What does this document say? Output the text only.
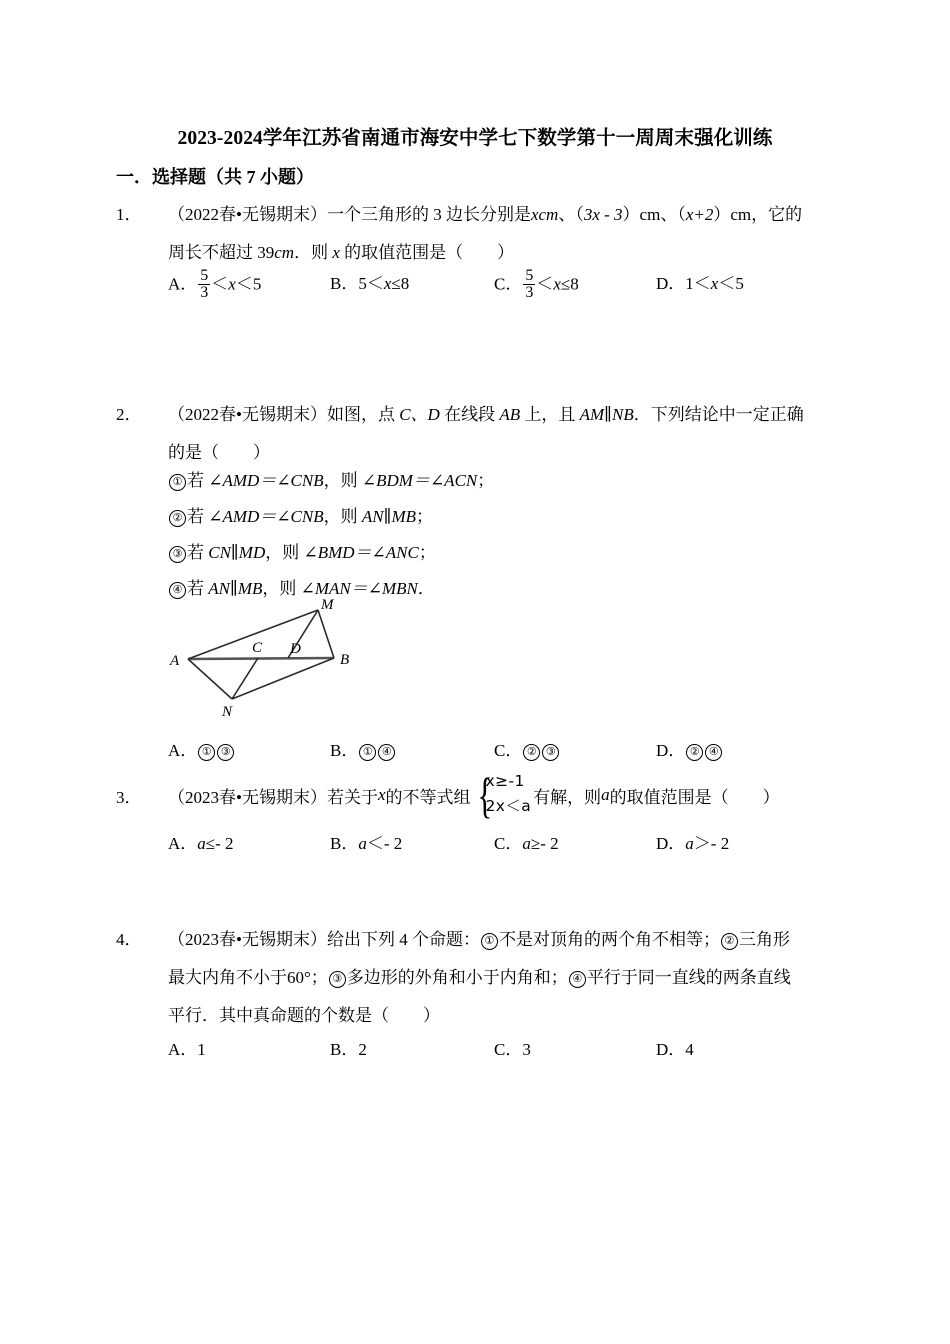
2023-2024学年江苏省南通市海安中学七下数学第十一周周末强化训练
一．选择题（共 7 小题）
1．	（2022春•无锡期末）一个三角形的 3 边长分别是xcm、（3x - 3）cm、（x+2）cm，它的
周长不超过 39cm．则 x 的取值范围是（　　）
A． $\frac{5}{3} <x<5$	B．5＜x≤8	C． $\frac{5}{3} <x\le 8$	D．1＜x＜5
2．	（2022春•无锡期末）如图，点 C、D 在线段 AB 上，且 AM∥NB．下列结论中一定正确
的是（　　）
① 若 ∠AMD＝∠CNB，则 ∠BDM＝∠ACN；
② 若 ∠AMD＝∠CNB，则 AN∥MB；
③ 若 CN∥MD，则 ∠BMD＝∠ANC；
④ 若 AN∥MB，则 ∠MAN＝∠MBN．
A	B
C D
M
N
A． ① ③	B． ① ④	C． ② ③	D． ② ④
3．	（2023春•无锡期末） 若关于 x 的不等式组 {
x≥-1
2x＜a 有解，则 a 的取值范围是（　　）
A．a≤- 2	B．a＜- 2	C．a≥- 2	D．a＞- 2
4．	（2023春•无锡期末）给出下列 4 个命题： ① 不是对顶角的两个角不相等； ② 三角形
最大内角不小于60°； ③ 多边形的外角和小于内角和； ④ 平行于同一直线的两条直线
平行．其中真命题的个数是（　　）
A．1	B．2	C．3	D．4
